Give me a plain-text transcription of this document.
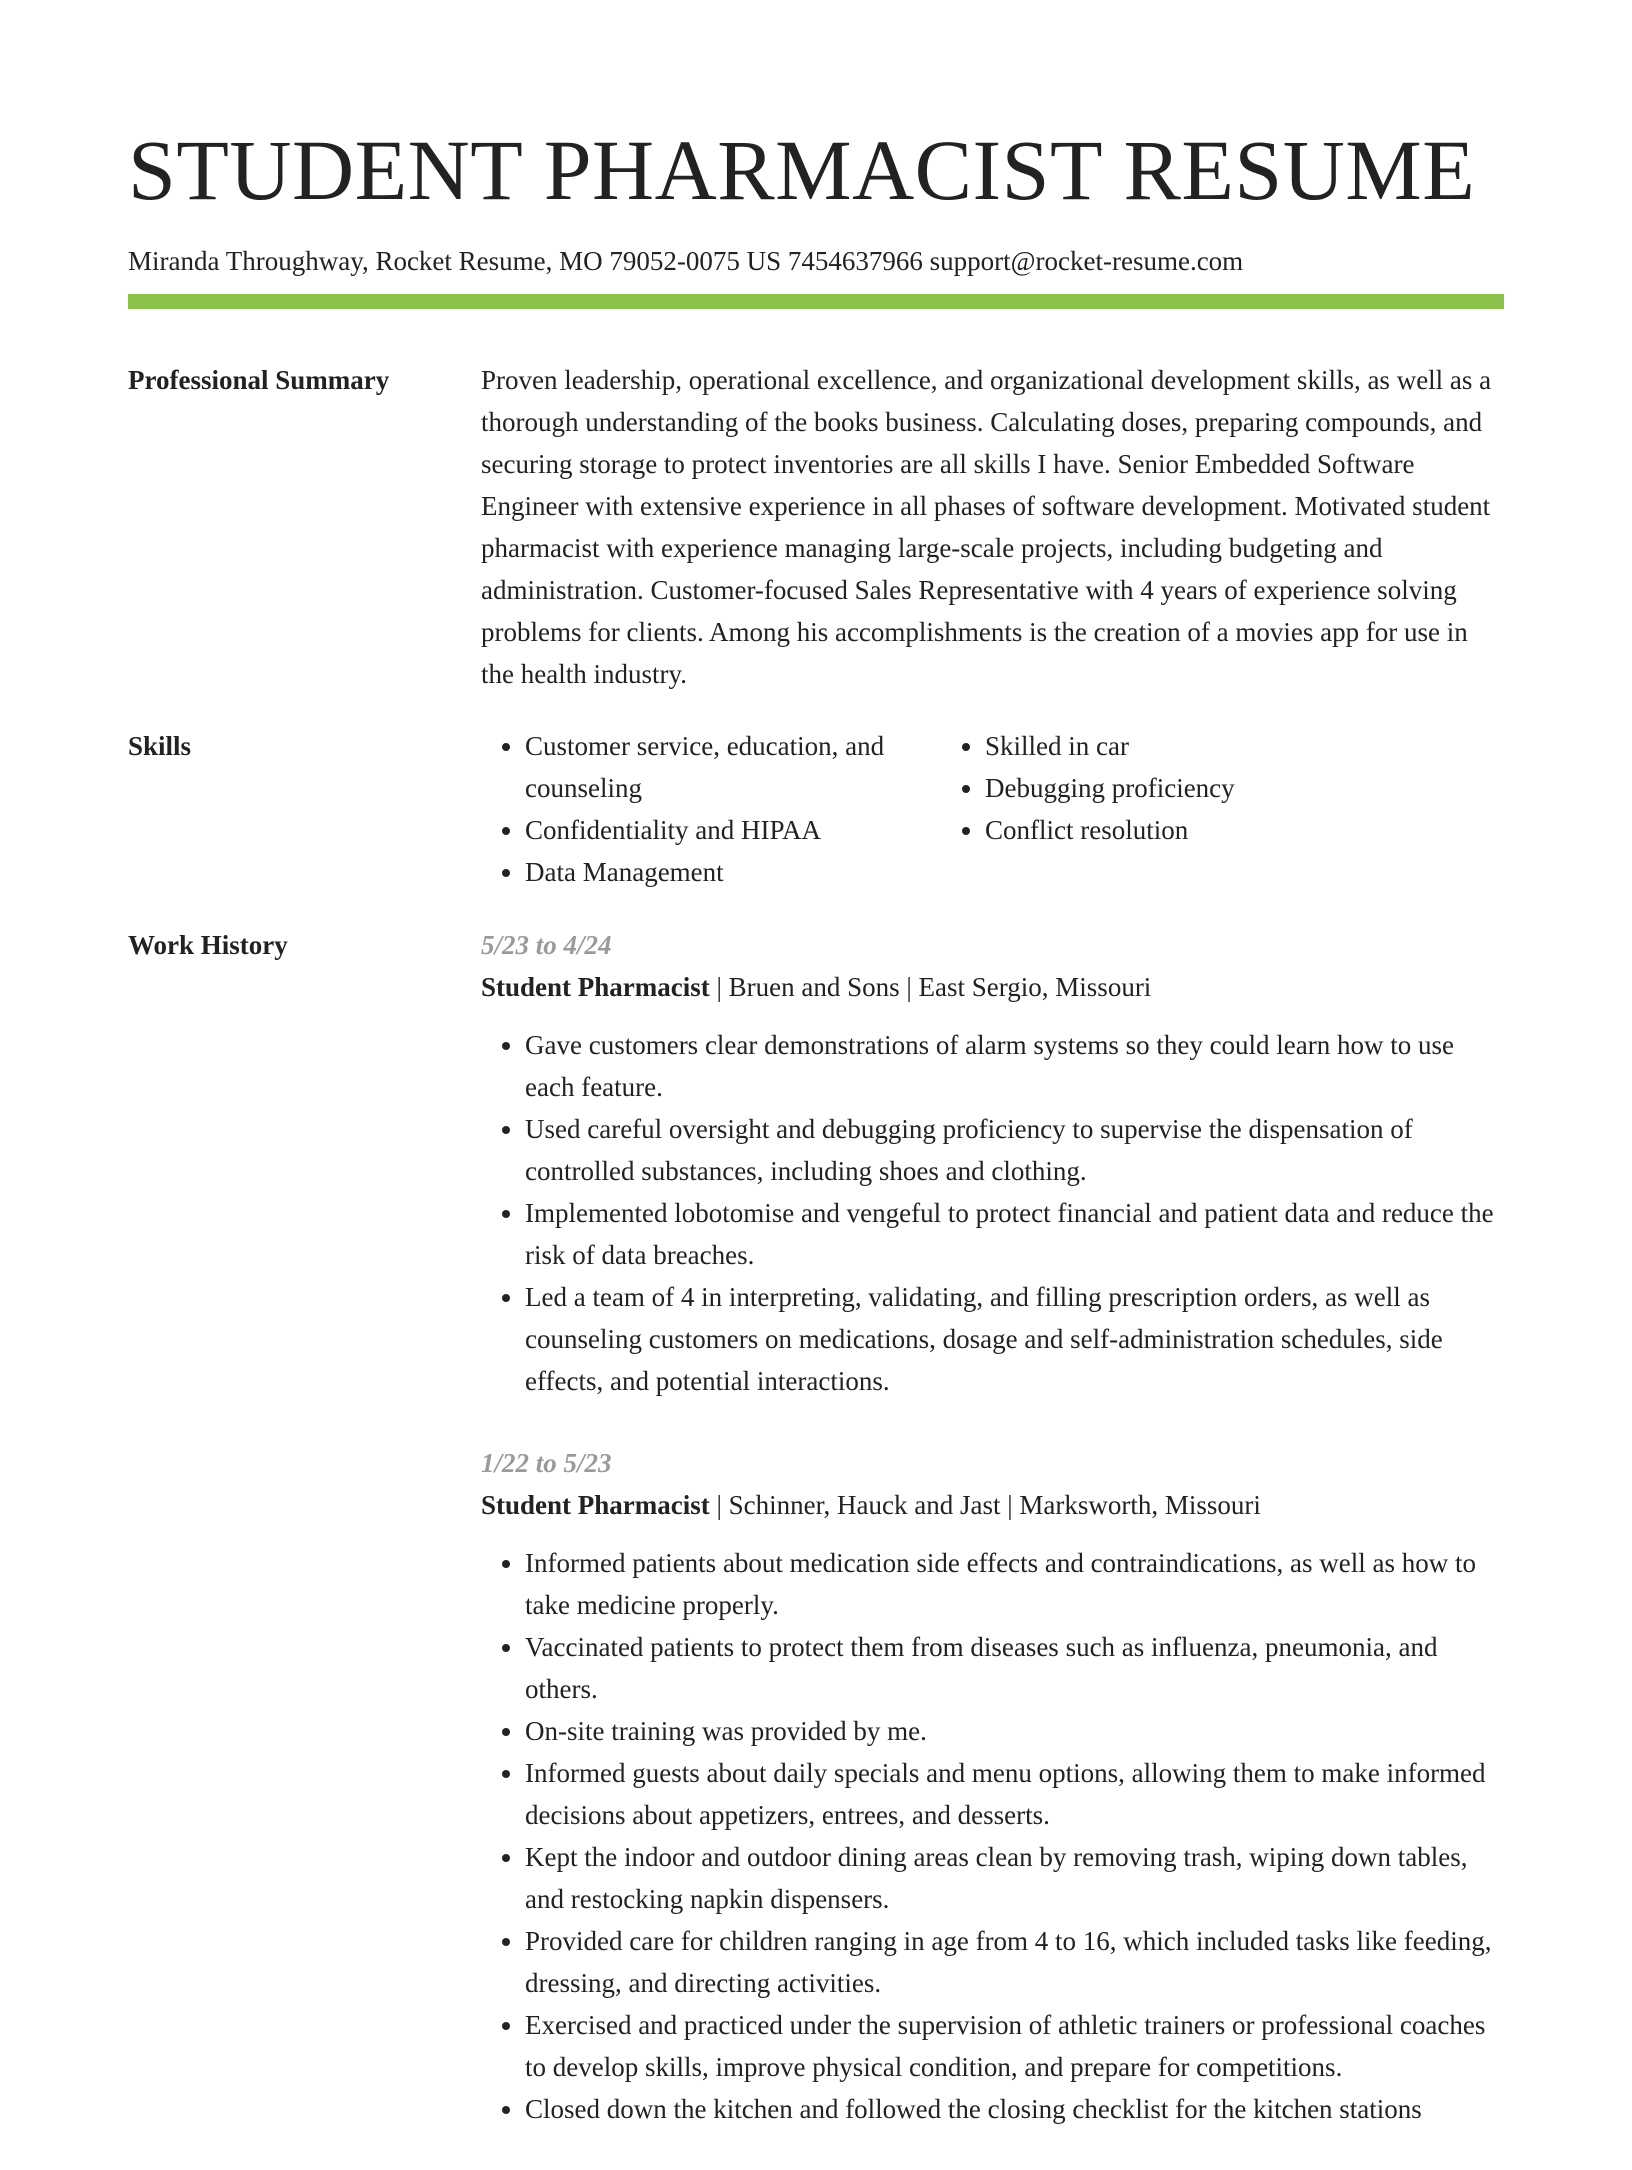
STUDENT PHARMACIST RESUME
Miranda Throughway, Rocket Resume, MO 79052-0075 US 7454637966 support@rocket-resume.com
Professional Summary	Proven leadership, operational excellence, and organizational development skills, as well as a thorough understanding of the books business. Calculating doses, preparing compounds, and securing storage to protect inventories are all skills I have. Senior Embedded Software Engineer with extensive experience in all phases of software development. Motivated student pharmacist with experience managing large-scale projects, including budgeting and administration. Customer-focused Sales Representative with 4 years of experience solving problems for clients. Among his accomplishments is the creation of a movies app for use in the health industry.

Skills
•	Customer service, education, and counseling
• Confidentiality and HIPAA
• Data Management
• Skilled in car
• Debugging proficiency
• Conflict resolution
Work History	5/23 to 4/24
Student Pharmacist | Bruen and Sons | East Sergio, Missouri
• Gave customers clear demonstrations of alarm systems so they could learn how to use each feature.
• Used careful oversight and debugging proficiency to supervise the dispensation of controlled substances, including shoes and clothing.
• Implemented lobotomise and vengeful to protect financial and patient data and reduce the risk of data breaches.
• Led a team of 4 in interpreting, validating, and filling prescription orders, as well as counseling customers on medications, dosage and self-administration schedules, side effects, and potential interactions.
1/22 to 5/23
Student Pharmacist | Schinner, Hauck and Jast | Marksworth, Missouri
• Informed patients about medication side effects and contraindications, as well as how to take medicine properly.
• Vaccinated patients to protect them from diseases such as influenza, pneumonia, and others.
• On-site training was provided by me.
• Informed guests about daily specials and menu options, allowing them to make informed decisions about appetizers, entrees, and desserts.
• Kept the indoor and outdoor dining areas clean by removing trash, wiping down tables, and restocking napkin dispensers.
• Provided care for children ranging in age from 4 to 16, which included tasks like feeding, dressing, and directing activities.
• Exercised and practiced under the supervision of athletic trainers or professional coaches to develop skills, improve physical condition, and prepare for competitions.
• Closed down the kitchen and followed the closing checklist for the kitchen stations
